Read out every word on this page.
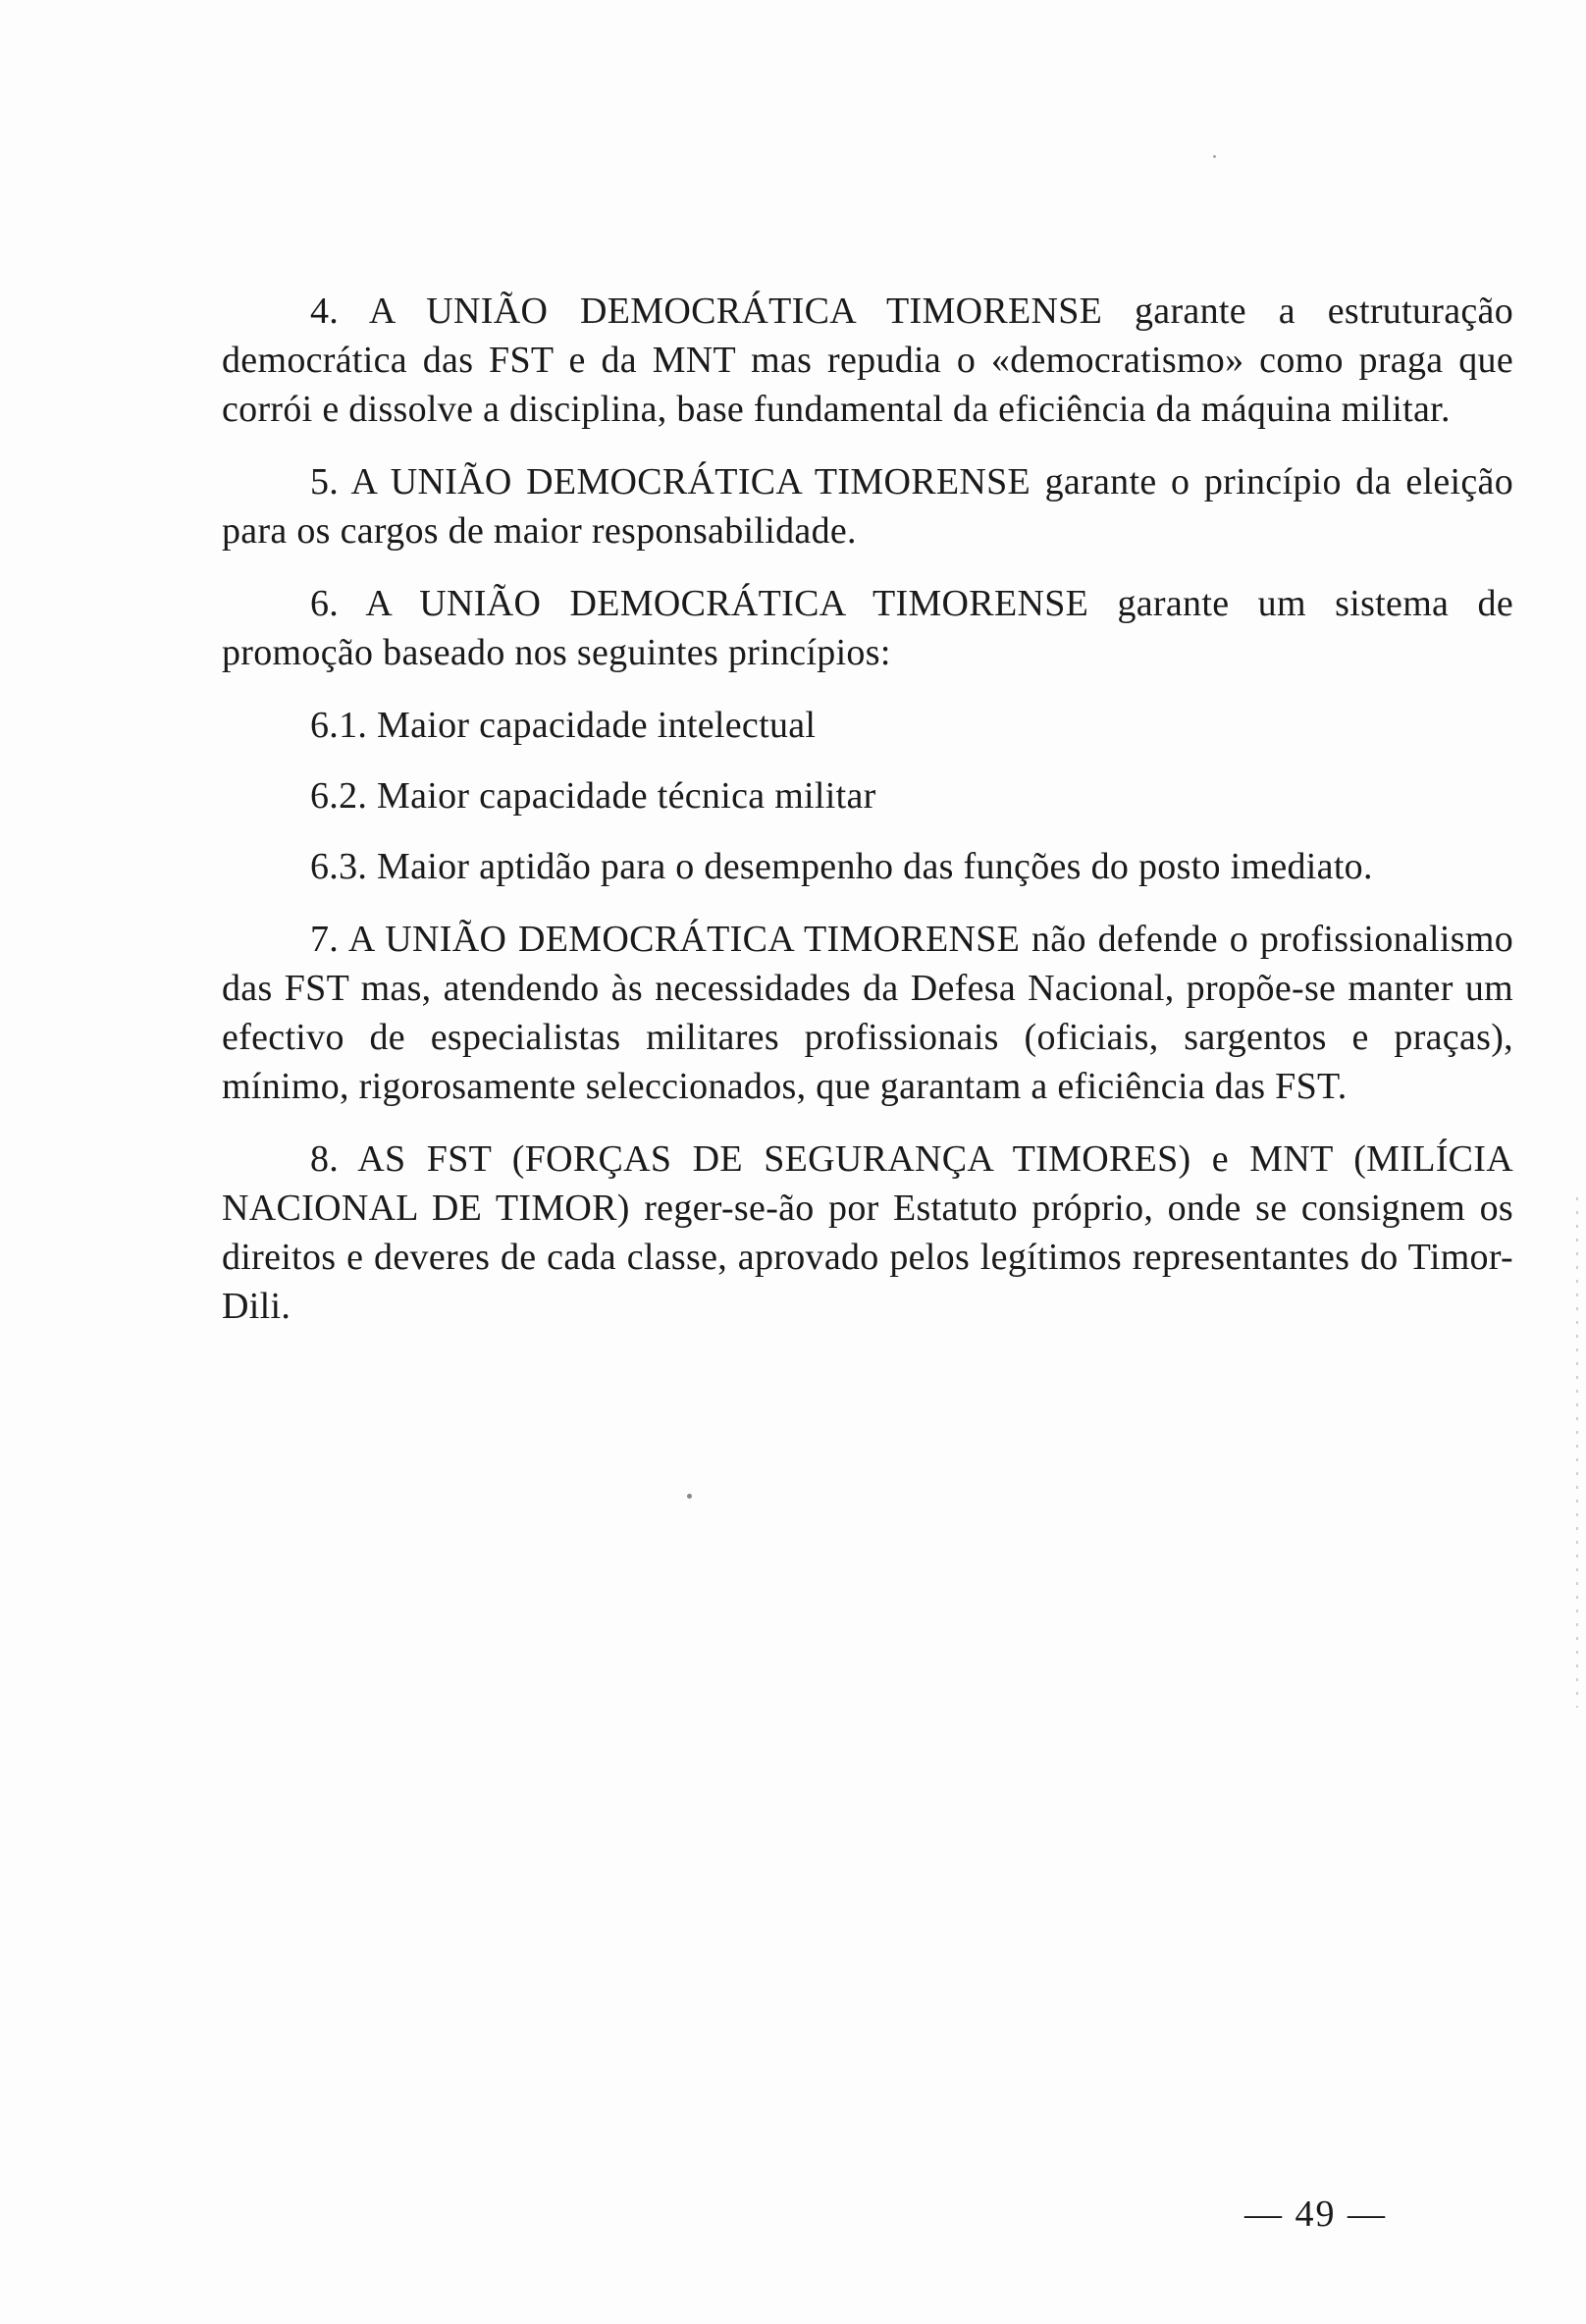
4. A UNIÃO DEMOCRÁTICA TIMORENSE garante a estruturação democrática das FST e da MNT mas repudia o «democratismo» como praga que corrói e dissolve a disciplina, base fundamental da eficiência da máquina militar.

5. A UNIÃO DEMOCRÁTICA TIMORENSE garante o princípio da eleição para os cargos de maior responsabilidade.

6. A UNIÃO DEMOCRÁTICA TIMORENSE garante um sistema de promoção baseado nos seguintes princípios:

6.1. Maior capacidade intelectual

6.2. Maior capacidade técnica militar

6.3. Maior aptidão para o desempenho das funções do posto imediato.

7. A UNIÃO DEMOCRÁTICA TIMORENSE não defende o profissionalismo das FST mas, atendendo às necessidades da Defesa Nacional, propõe-se manter um efectivo de especialistas militares profissionais (oficiais, sargentos e praças), mínimo, rigorosamente seleccionados, que garantam a eficiência das FST.

8. AS FST (FORÇAS DE SEGURANÇA TIMORES) e MNT (MILÍCIA NACIONAL DE TIMOR) reger-se-ão por Estatuto próprio, onde se consignem os direitos e deveres de cada classe, aprovado pelos legítimos representantes do Timor-Dili.

— 49 —
